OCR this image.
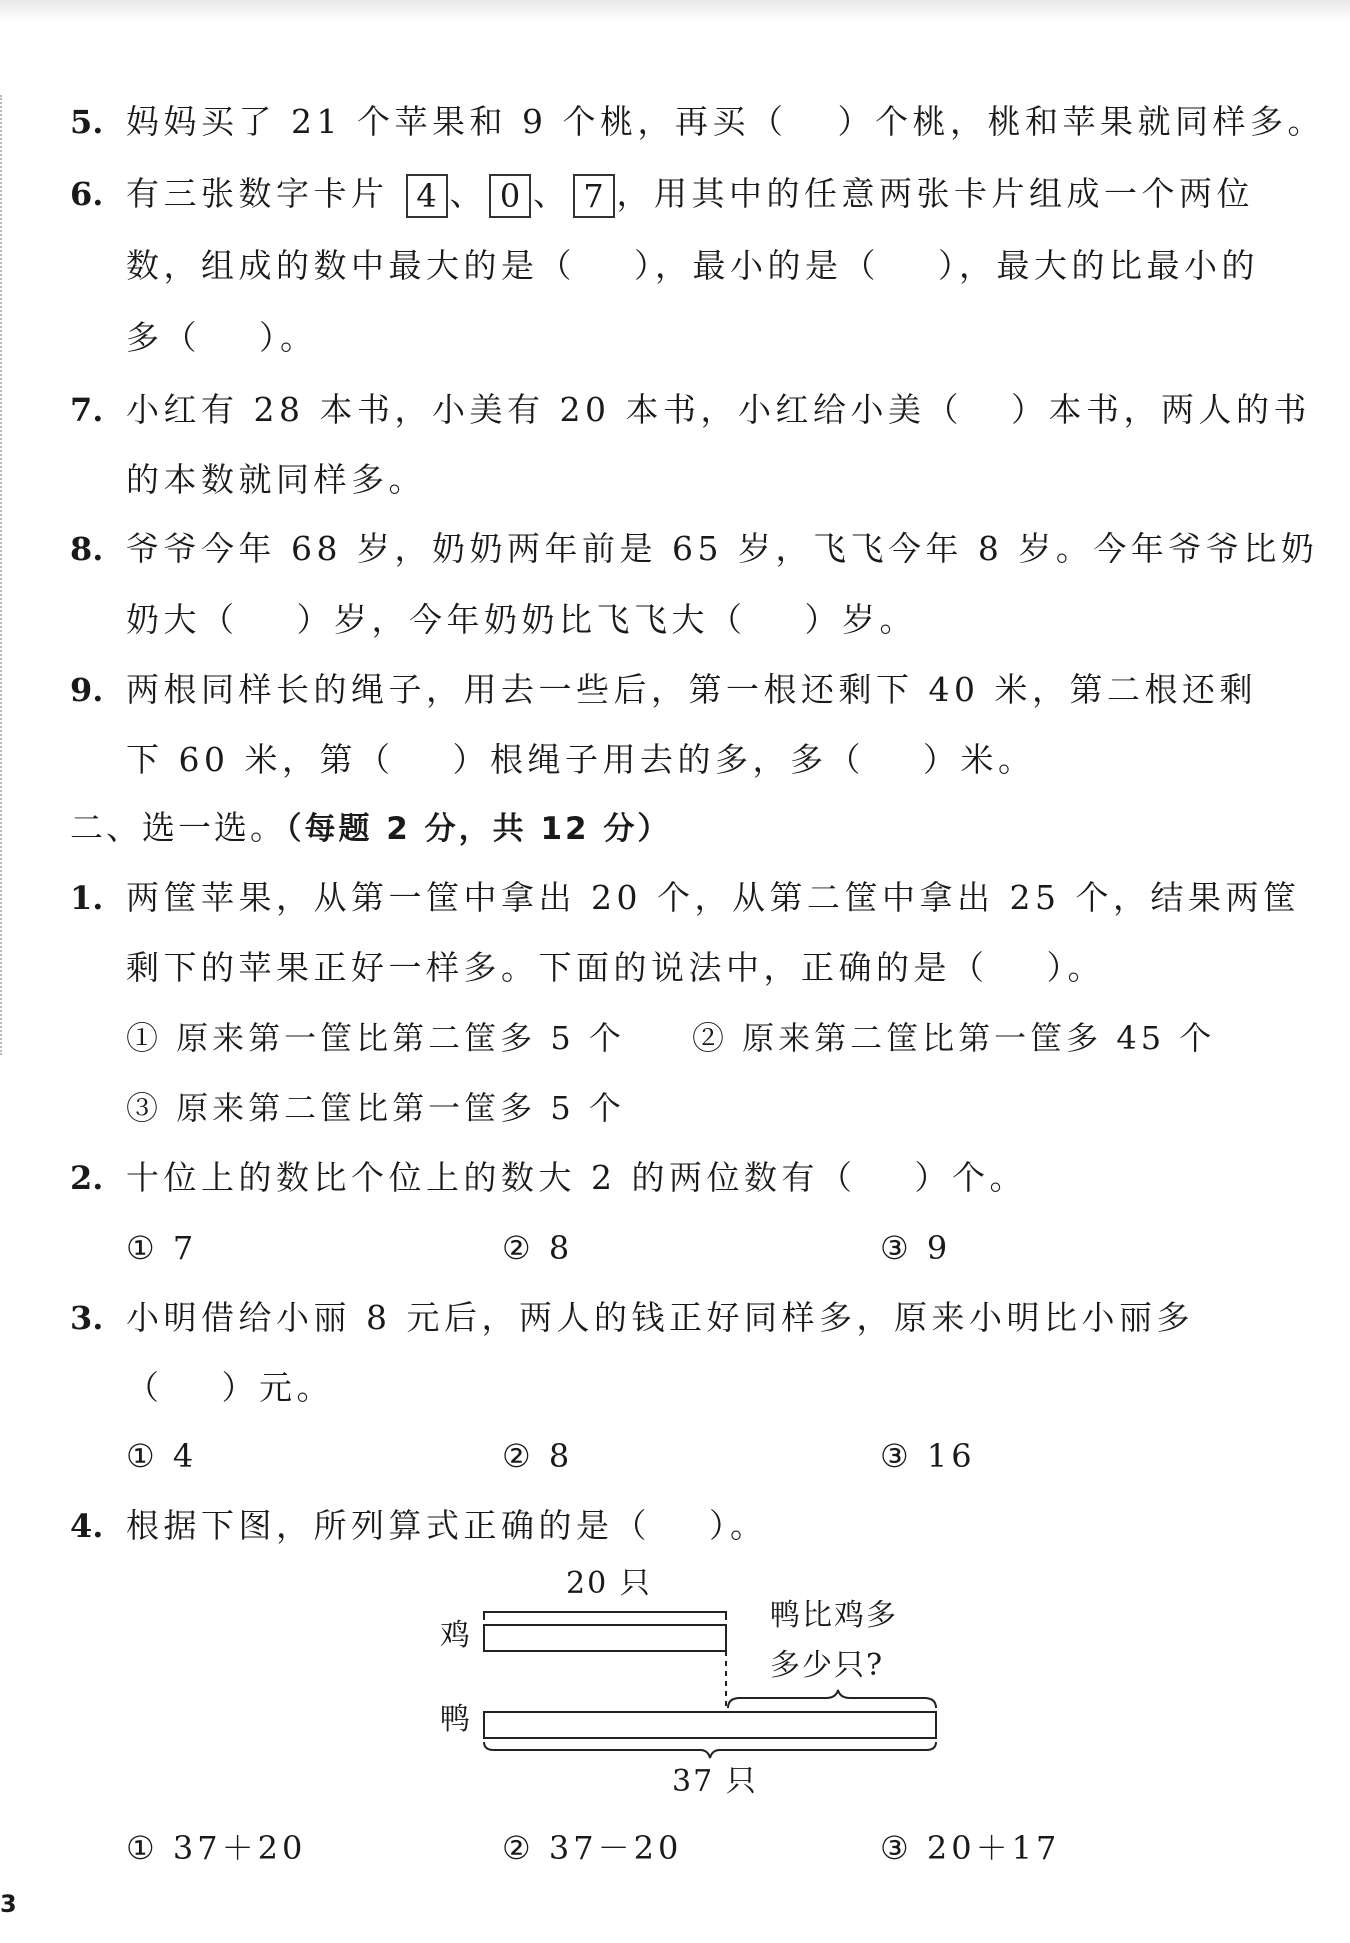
5. 妈妈买了 21 个苹果和 9 个桃，再买（ ）个桃，桃和苹果就同样多。
6. 有三张数字卡片 4 、 0 、 7 ，用其中的任意两张卡片组成一个两位
数，组成的数中最大的是（ ），最小的是（ ），最大的比最小的
多（ ）。
7. 小红有 28 本书，小美有 20 本书，小红给小美（ ）本书，两人的书
的本数就同样多。
8. 爷爷今年 68 岁，奶奶两年前是 65 岁，飞飞今年 8 岁。今年爷爷比奶
奶大（ ）岁，今年奶奶比飞飞大（ ）岁。
9. 两根同样长的绳子，用去一些后，第一根还剩下 40 米，第二根还剩
下 60 米，第（ ）根绳子用去的多，多（ ）米。
二、选一选。（每题 2 分，共 12 分）
1. 两筐苹果，从第一筐中拿出 20 个，从第二筐中拿出 25 个，结果两筐
剩下的苹果正好一样多。下面的说法中，正确的是（ ）。
① 原来第一筐比第二筐多 5 个 ② 原来第二筐比第一筐多 45 个
③ 原来第二筐比第一筐多 5 个
2. 十位上的数比个位上的数大 2 的两位数有（ ）个。
① 7	② 8	③ 9
3. 小明借给小丽 8 元后，两人的钱正好同样多，原来小明比小丽多
（ ）元。
① 4	② 8	③ 16
4. 根据下图，所列算式正确的是（ ）。
20 只
鸡
鸭
鸭比鸡多
多少只?
37 只
① 37＋20	② 37－20	③ 20＋17
3
